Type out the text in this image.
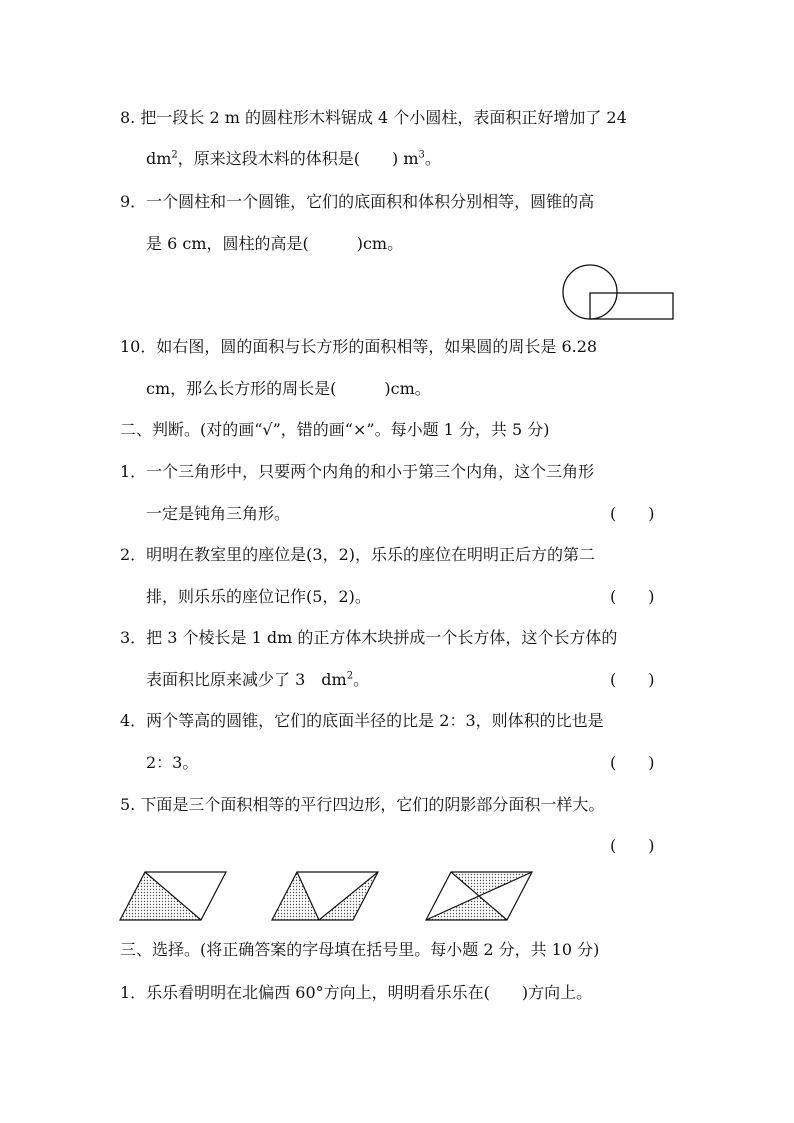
8. 把一段长 2 m 的圆柱形木料锯成 4 个小圆柱，表面积正好增加了 24
$dm^2$，原来这段木料的体积是(　　) $m^3$。
9．一个圆柱和一个圆锥，它们的底面积和体积分别相等，圆锥的高
是 6 cm，圆柱的高是(　　　)cm。
10．如右图，圆的面积与长方形的面积相等，如果圆的周长是 6.28
cm，那么长方形的周长是(　　　)cm。
二、判断。(对的画“√”，错的画“×”。每小题 1 分，共 5 分)
1．一个三角形中，只要两个内角的和小于第三个内角，这个三角形
一定是钝角三角形。	(　　)
2．明明在教室里的座位是(3，2)，乐乐的座位在明明正后方的第二
排，则乐乐的座位记作(5，2)。	(　　)
3．把 3 个棱长是 1 dm 的正方体木块拼成一个长方体，这个长方体的
表面积比原来减少了 3　$dm^2$。	(　　)
4．两个等高的圆锥，它们的底面半径的比是 2：3，则体积的比也是
2：3。	(　　)
5. 下面是三个面积相等的平行四边形，它们的阴影部分面积一样大。
(　　)
三、选择。(将正确答案的字母填在括号里。每小题 2 分，共 10 分)
1．乐乐看明明在北偏西 60°方向上，明明看乐乐在(　　)方向上。
